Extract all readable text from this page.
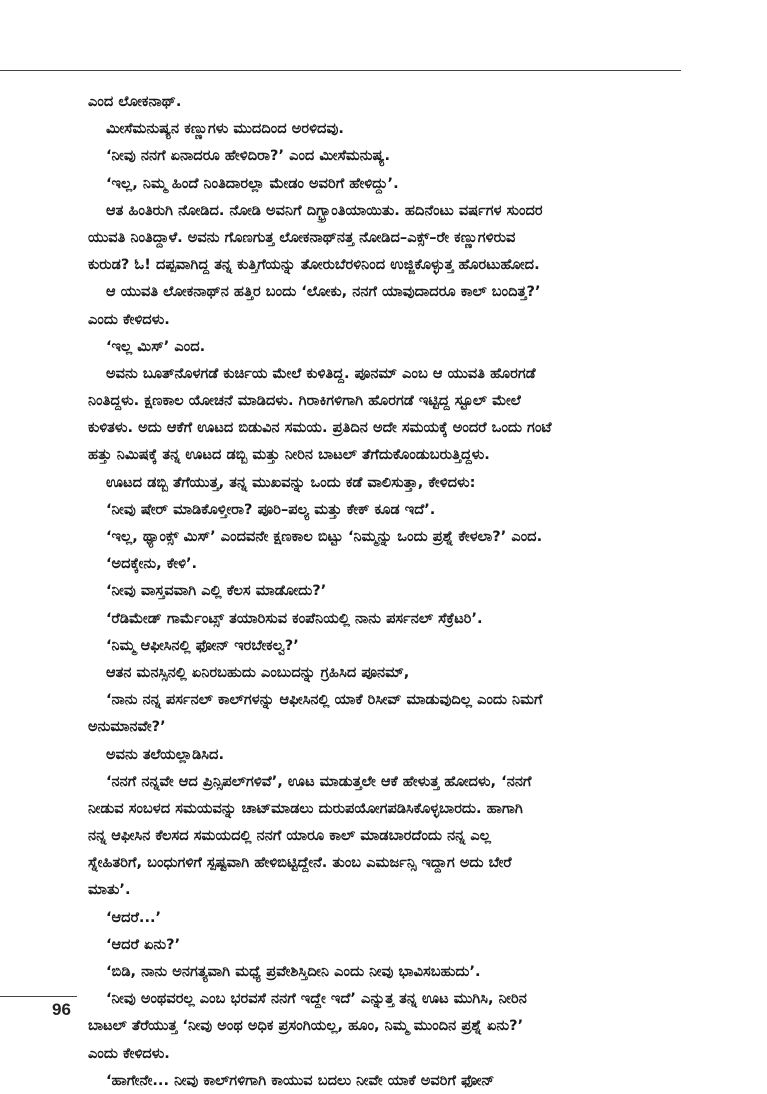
ಎಂದ ಲೋಕನಾಥ್.
ಮೀಸೆಮನುಷ್ಯನ ಕಣ್ಣುಗಳು ಮುದದಿಂದ ಅರಳಿದವು.
‘ನೀವು ನನಗೆ ಏನಾದರೂ ಹೇಳಿದಿರಾ?’ ಎಂದ ಮೀಸೆಮನುಷ್ಯ.
‘ಇಲ್ಲ, ನಿಮ್ಮ ಹಿಂದೆ ನಿಂತಿದಾರಲ್ಲಾ ಮೇಡಂ ಅವರಿಗೆ ಹೇಳಿದ್ದು’.
ಆತ ಹಿಂತಿರುಗಿ ನೋಡಿದ. ನೋಡಿ ಅವನಿಗೆ ದಿಗ್ಭ್ರಾಂತಿಯಾಯಿತು. ಹದಿನೆಂಟು ವರ್ಷಗಳ ಸುಂದರ
ಯುವತಿ ನಿಂತಿದ್ದಾಳೆ. ಅವನು ಗೊಣಗುತ್ತ ಲೋಕನಾಥ್‌ನತ್ತ ನೋಡಿದ–ಎಕ್ಸ್–ರೇ ಕಣ್ಣುಗಳಿರುವ
ಕುರುಡ? ಓ! ದಪ್ಪವಾಗಿದ್ದ ತನ್ನ ಕುತ್ತಿಗೆಯನ್ನು ತೋರುಬೆರಳಿನಿಂದ ಉಜ್ಜಿಕೊಳ್ಳುತ್ತ ಹೊರಟುಹೋದ.
ಆ ಯುವತಿ ಲೋಕನಾಥ್‌ನ ಹತ್ತಿರ ಬಂದು ‘ಲೋಕು, ನನಗೆ ಯಾವುದಾದರೂ ಕಾಲ್ ಬಂದಿತ್ತ?’
ಎಂದು ಕೇಳಿದಳು.
‘ಇಲ್ಲ ಮಿಸ್’ ಎಂದ.
ಅವನು ಬೂತ್‌ನೊಳಗಡೆ ಕುರ್ಚಿಯ ಮೇಲೆ ಕುಳಿತಿದ್ದ. ಪೂನಮ್ ಎಂಬ ಆ ಯುವತಿ ಹೊರಗಡೆ
ನಿಂತಿದ್ದಳು. ಕ್ಷಣಕಾಲ ಯೋಚನೆ ಮಾಡಿದಳು. ಗಿರಾಕಿಗಳಿಗಾಗಿ ಹೊರಗಡೆ ಇಟ್ಟಿದ್ದ ಸ್ಟೂಲ್ ಮೇಲೆ
ಕುಳಿತಳು. ಅದು ಆಕೆಗೆ ಊಟದ ಬಿಡುವಿನ ಸಮಯ. ಪ್ರತಿದಿನ ಅದೇ ಸಮಯಕ್ಕೆ ಅಂದರೆ ಒಂದು ಗಂಟೆ
ಹತ್ತು ನಿಮಿಷಕ್ಕೆ ತನ್ನ ಊಟದ ಡಬ್ಬಿ ಮತ್ತು ನೀರಿನ ಬಾಟಲ್ ತೆಗೆದುಕೊಂಡುಬರುತ್ತಿದ್ದಳು.
ಊಟದ ಡಬ್ಬಿ ತೆಗೆಯುತ್ತ, ತನ್ನ ಮುಖವನ್ನು ಒಂದು ಕಡೆ ವಾಲಿಸುತ್ತಾ, ಕೇಳಿದಳು:
‘ನೀವು ಷೇರ್ ಮಾಡಿಕೊಳ್ತೀರಾ? ಪೂರಿ–ಪಲ್ಯ ಮತ್ತು ಕೇಕ್ ಕೂಡ ಇದೆ’.
‘ಇಲ್ಲ, ಥ್ಯಾಂಕ್ಸ್ ಮಿಸ್’ ಎಂದವನೇ ಕ್ಷಣಕಾಲ ಬಿಟ್ಟು ‘ನಿಮ್ಮನ್ನು ಒಂದು ಪ್ರಶ್ನೆ ಕೇಳಲಾ?’ ಎಂದ.
‘ಅದಕ್ಕೇನು, ಕೇಳಿ’.
‘ನೀವು ವಾಸ್ತವವಾಗಿ ಎಲ್ಲಿ ಕೆಲಸ ಮಾಡೋದು?’
‘ರೆಡಿಮೇಡ್ ಗಾರ್ಮೆಂಟ್ಸ್ ತಯಾರಿಸುವ ಕಂಪೆನಿಯಲ್ಲಿ ನಾನು ಪರ್ಸನಲ್ ಸೆಕ್ರೆಟರಿ’.
‘ನಿಮ್ಮ ಆಫೀಸಿನಲ್ಲಿ ಫೋನ್ ಇರಬೇಕಲ್ವ?’
ಆತನ ಮನಸ್ಸಿನಲ್ಲಿ ಏನಿರಬಹುದು ಎಂಬುದನ್ನು ಗ್ರಹಿಸಿದ ಪೂನಮ್,
‘ನಾನು ನನ್ನ ಪರ್ಸನಲ್ ಕಾಲ್‌ಗಳನ್ನು ಆಫೀಸಿನಲ್ಲಿ ಯಾಕೆ ರಿಸೀವ್ ಮಾಡುವುದಿಲ್ಲ ಎಂದು ನಿಮಗೆ
ಅನುಮಾನವೇ?’
ಅವನು ತಲೆಯಲ್ಲಾಡಿಸಿದ.
‘ನನಗೆ ನನ್ನವೇ ಆದ ಪ್ರಿನ್ಸಿಪಲ್‌ಗಳಿವೆ’, ಊಟ ಮಾಡುತ್ತಲೇ ಆಕೆ ಹೇಳುತ್ತ ಹೋದಳು, ‘ನನಗೆ
ನೀಡುವ ಸಂಬಳದ ಸಮಯವನ್ನು ಚಾಟ್‌ಮಾಡಲು ದುರುಪಯೋಗಪಡಿಸಿಕೊಳ್ಳಬಾರದು. ಹಾಗಾಗಿ
ನನ್ನ ಆಫೀಸಿನ ಕೆಲಸದ ಸಮಯದಲ್ಲಿ ನನಗೆ ಯಾರೂ ಕಾಲ್ ಮಾಡಬಾರದೆಂದು ನನ್ನ ಎಲ್ಲ
ಸ್ನೇಹಿತರಿಗೆ, ಬಂಧುಗಳಿಗೆ ಸ್ಪಷ್ಟವಾಗಿ ಹೇಳಿಬಿಟ್ಟಿದ್ದೇನೆ. ತುಂಬ ಎಮರ್ಜನ್ಸಿ ಇದ್ದಾಗ ಅದು ಬೇರೆ
ಮಾತು’.
‘ಆದರೆ...’
‘ಆದರೆ ಏನು?’
‘ಬಿಡಿ, ನಾನು ಅನಗತ್ಯವಾಗಿ ಮಧ್ಯೆ ಪ್ರವೇಶಿಸ್ತಿದೀನಿ ಎಂದು ನೀವು ಭಾವಿಸಬಹುದು’.
‘ನೀವು ಅಂಥವರಲ್ಲ ಎಂಬ ಭರವಸೆ ನನಗೆ ಇದ್ದೇ ಇದೆ’ ಎನ್ನುತ್ತ ತನ್ನ ಊಟ ಮುಗಿಸಿ, ನೀರಿನ
ಬಾಟಲ್ ತೆರೆಯುತ್ತ ‘ನೀವು ಅಂಥ ಅಧಿಕ ಪ್ರಸಂಗಿಯಲ್ಲ, ಹೂಂ, ನಿಮ್ಮ ಮುಂದಿನ ಪ್ರಶ್ನೆ ಏನು?’
ಎಂದು ಕೇಳಿದಳು.
‘ಹಾಗೇನೇ... ನೀವು ಕಾಲ್‌ಗಳಿಗಾಗಿ ಕಾಯುವ ಬದಲು ನೀವೇ ಯಾಕೆ ಅವರಿಗೆ ಫೋನ್
96
